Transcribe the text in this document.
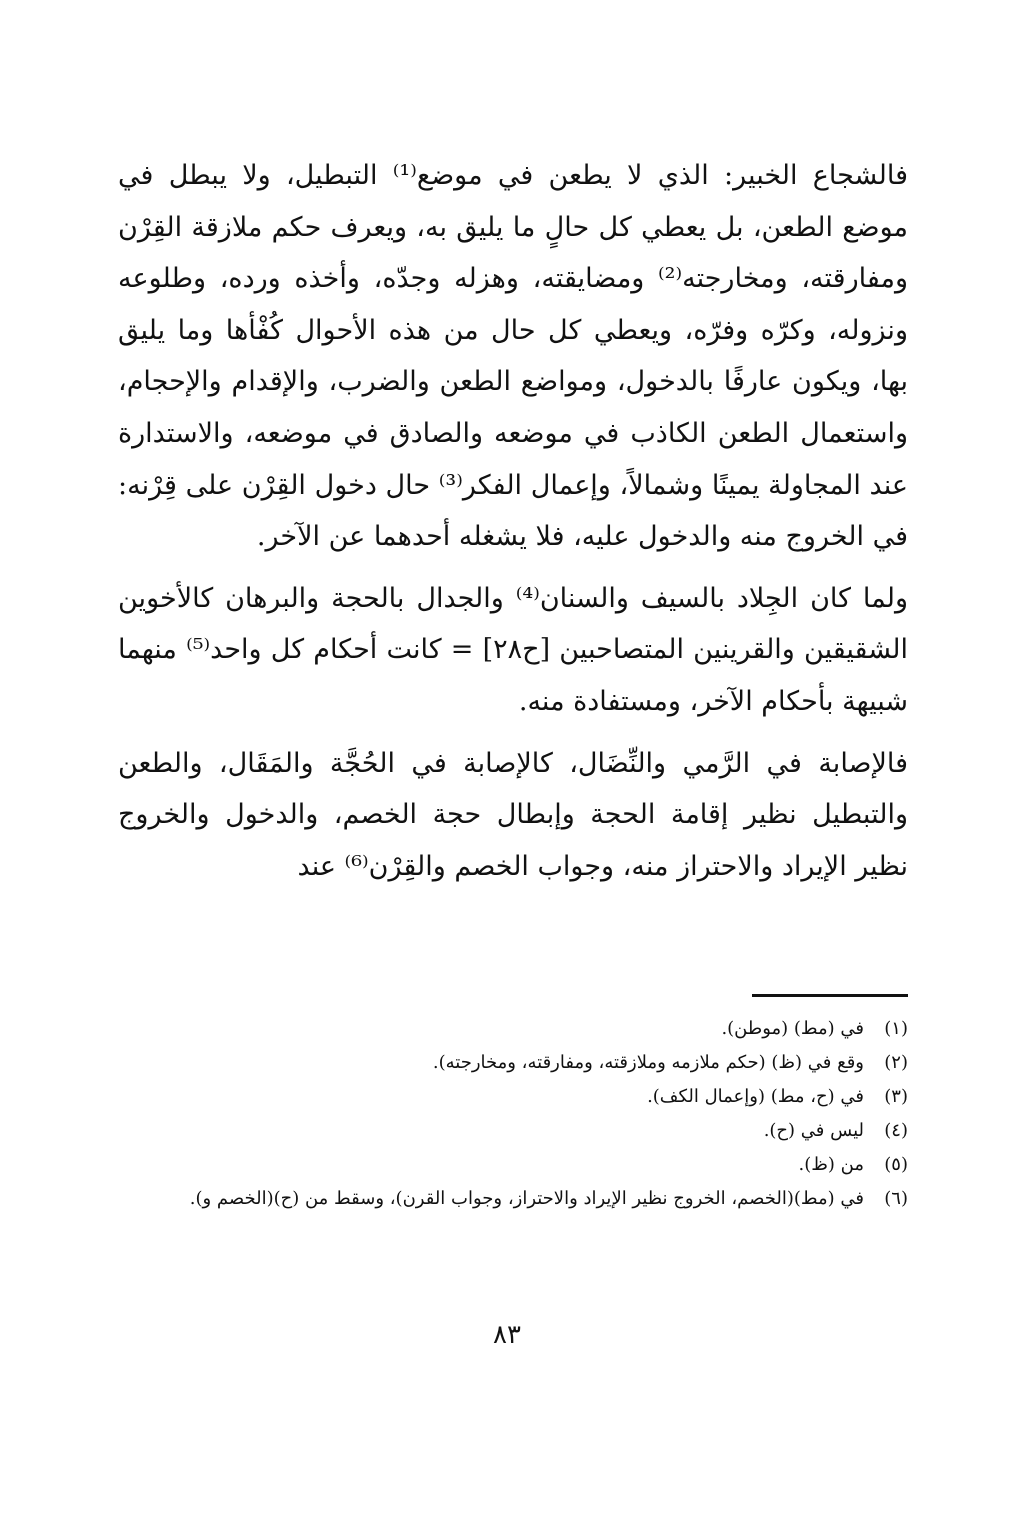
فالشجاع الخبير: الذي لا يطعن في موضع⁽¹⁾ التبطيل، ولا يبطل في موضع الطعن، بل يعطي كل حالٍ ما يليق به، ويعرف حكم ملازقة القِرْن ومفارقته، ومخارجته⁽²⁾ ومضايقته، وهزله وجدّه، وأخذه ورده، وطلوعه ونزوله، وكرّه وفرّه، ويعطي كل حال من هذه الأحوال كُفْأها وما يليق بها، ويكون عارفًا بالدخول، ومواضع الطعن والضرب، والإقدام والإحجام، واستعمال الطعن الكاذب في موضعه والصادق في موضعه، والاستدارة عند المجاولة يمينًا وشمالاً، وإعمال الفكر⁽³⁾ حال دخول القِرْن على قِرْنه: في الخروج منه والدخول عليه، فلا يشغله أحدهما عن الآخر.

ولما كان الجِلاد بالسيف والسنان⁽⁴⁾ والجدال بالحجة والبرهان كالأخوين الشقيقين والقرينين المتصاحبين [ح٢٨] = كانت أحكام كل واحد⁽⁵⁾ منهما شبيهة بأحكام الآخر، ومستفادة منه.

فالإصابة في الرَّمي والنِّضَال، كالإصابة في الحُجَّة والمَقَال، والطعن والتبطيل نظير إقامة الحجة وإبطال حجة الخصم، والدخول والخروج نظير الإيراد والاحتراز منه، وجواب الخصم والقِرْن⁽⁶⁾ عند

(١)
في (مط) (موطن).
(٢)
وقع في (ظ) (حكم ملازمه وملازقته، ومفارقته، ومخارجته).
(٣)
في (ح، مط) (وإعمال الكف).
(٤)
ليس في (ح).
(٥)
من (ظ).
(٦)
في (مط)(الخصم، الخروج نظير الإيراد والاحتراز، وجواب القرن)، وسقط من (ح)(الخصم و).
٨٣
